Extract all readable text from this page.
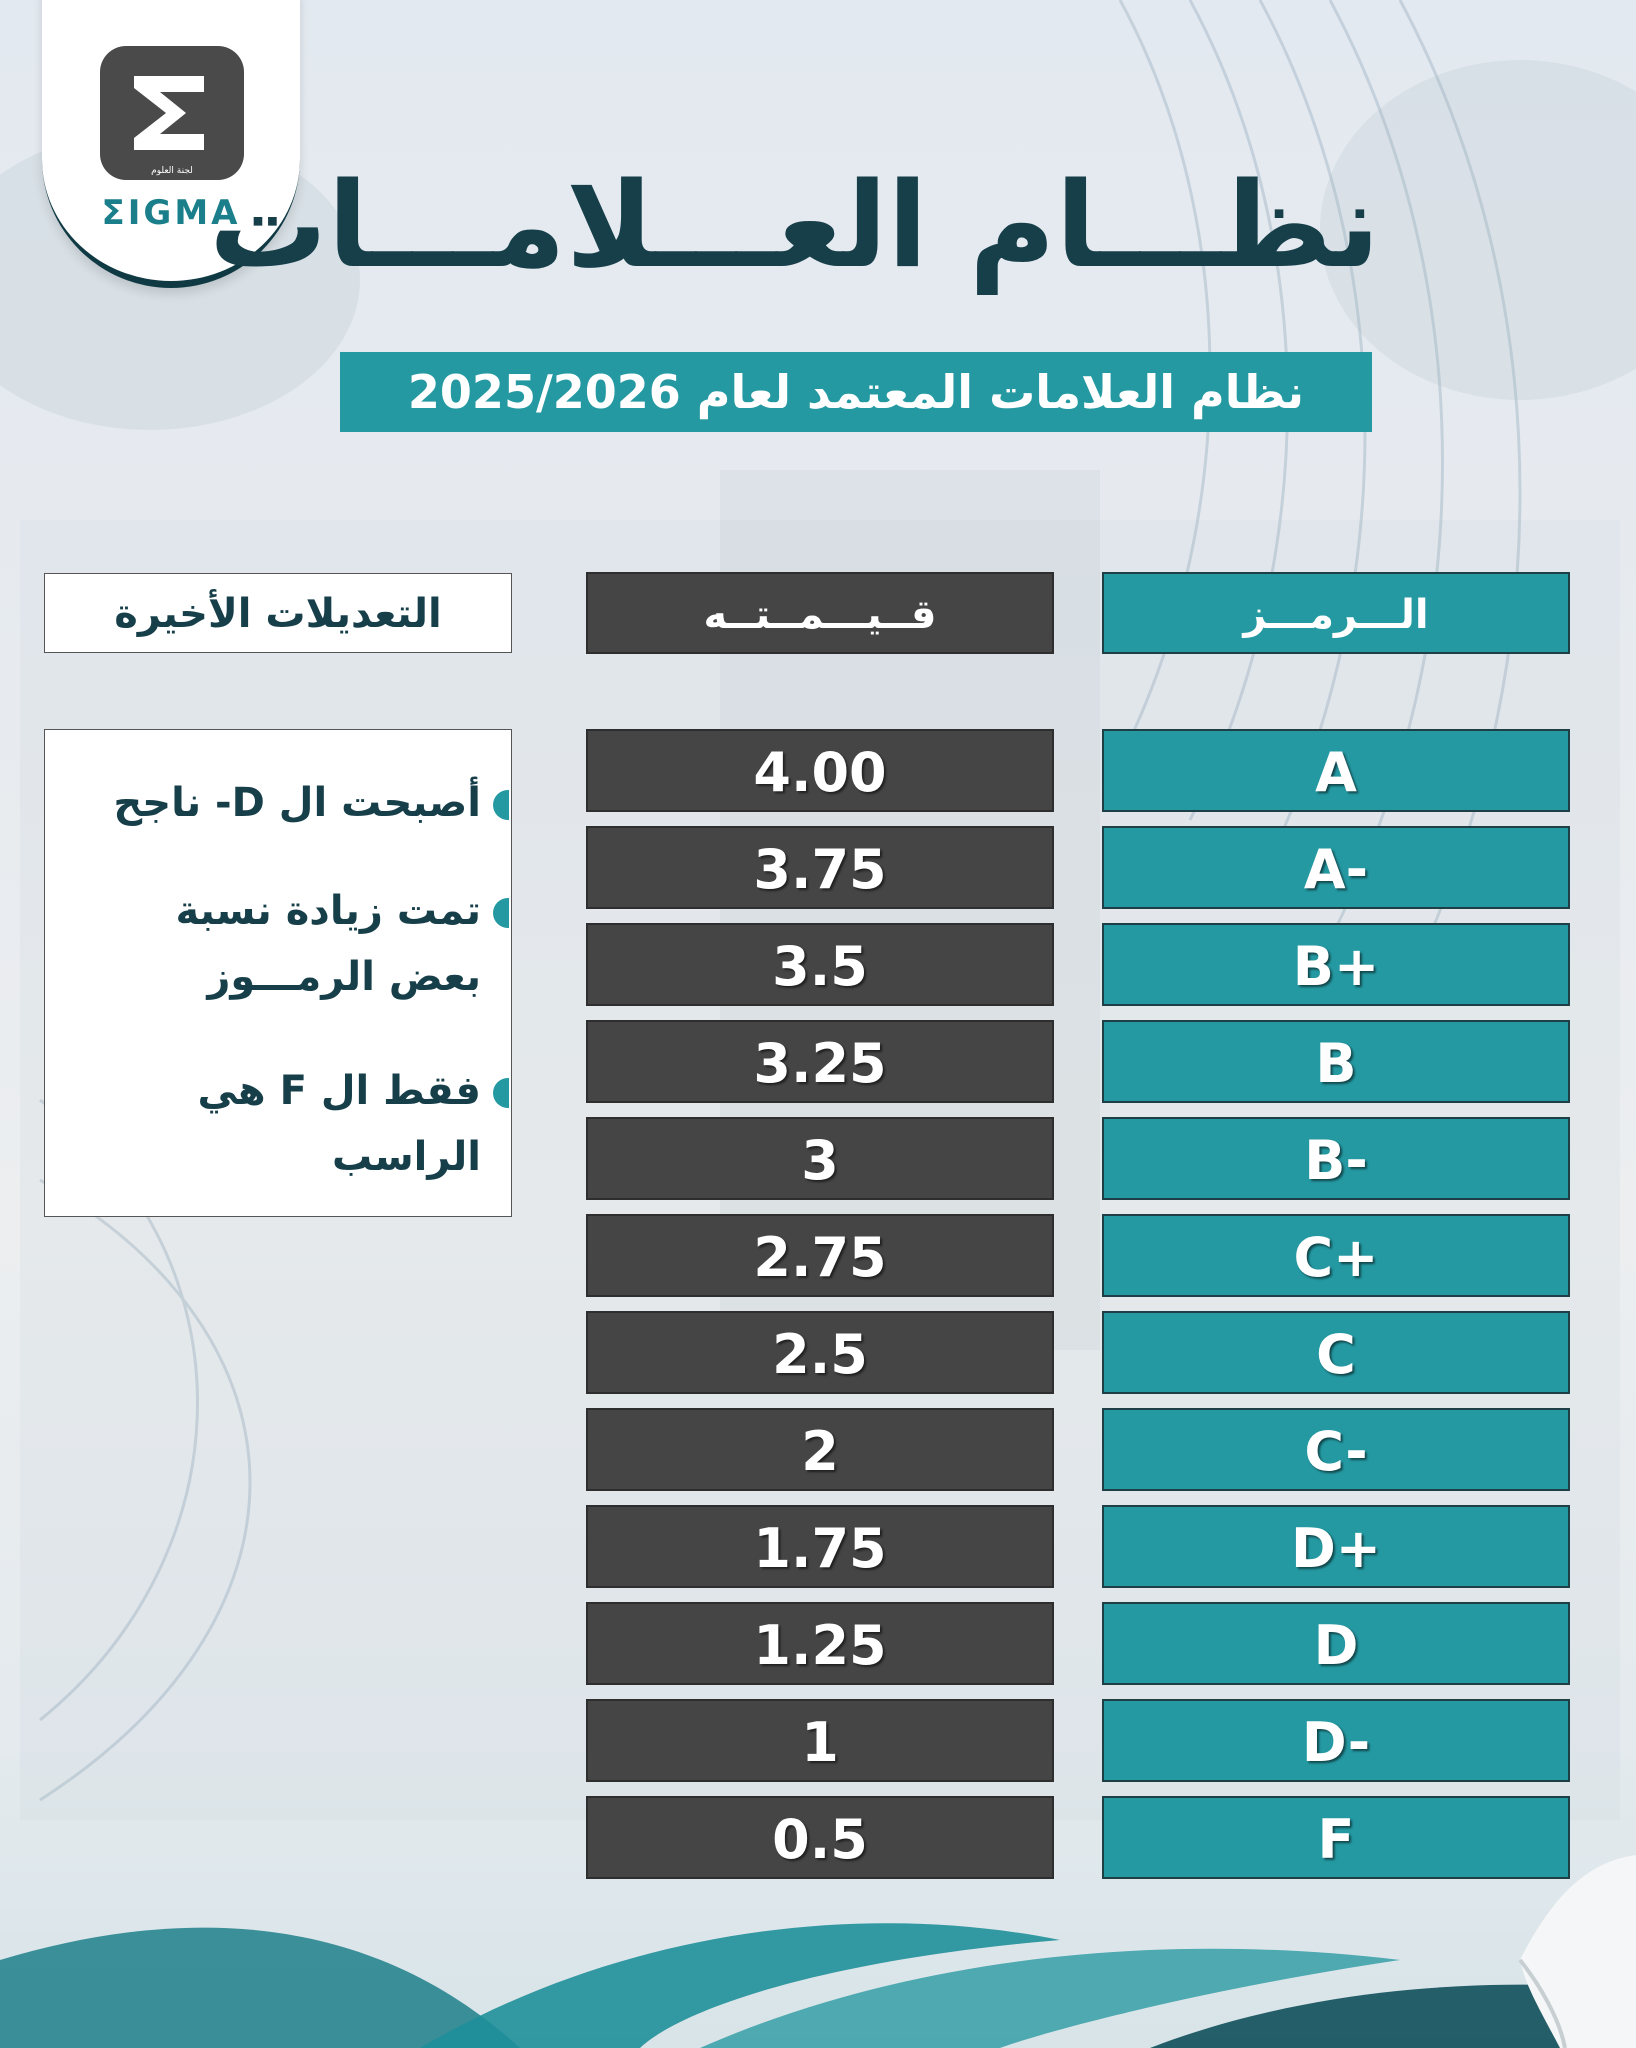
لجنة العلوم
ΣIGMA
نظـــام العـــلامـــات
نظام العلامات المعتمد لعام 2025/2026
الـــرمـــز
قــيـــمــتــه
التعديلات الأخيرة
A
4.00
A-
3.75
B+
3.5
B
3.25
B-
3
C+
2.75
C
2.5
C-
2
D+
1.75
D
1.25
D-
1
F
0.5
أصبحت ال D- ناجح
تمت زيادة نسبة بعض الرمـــوز
فقط ال F هي الراسب
